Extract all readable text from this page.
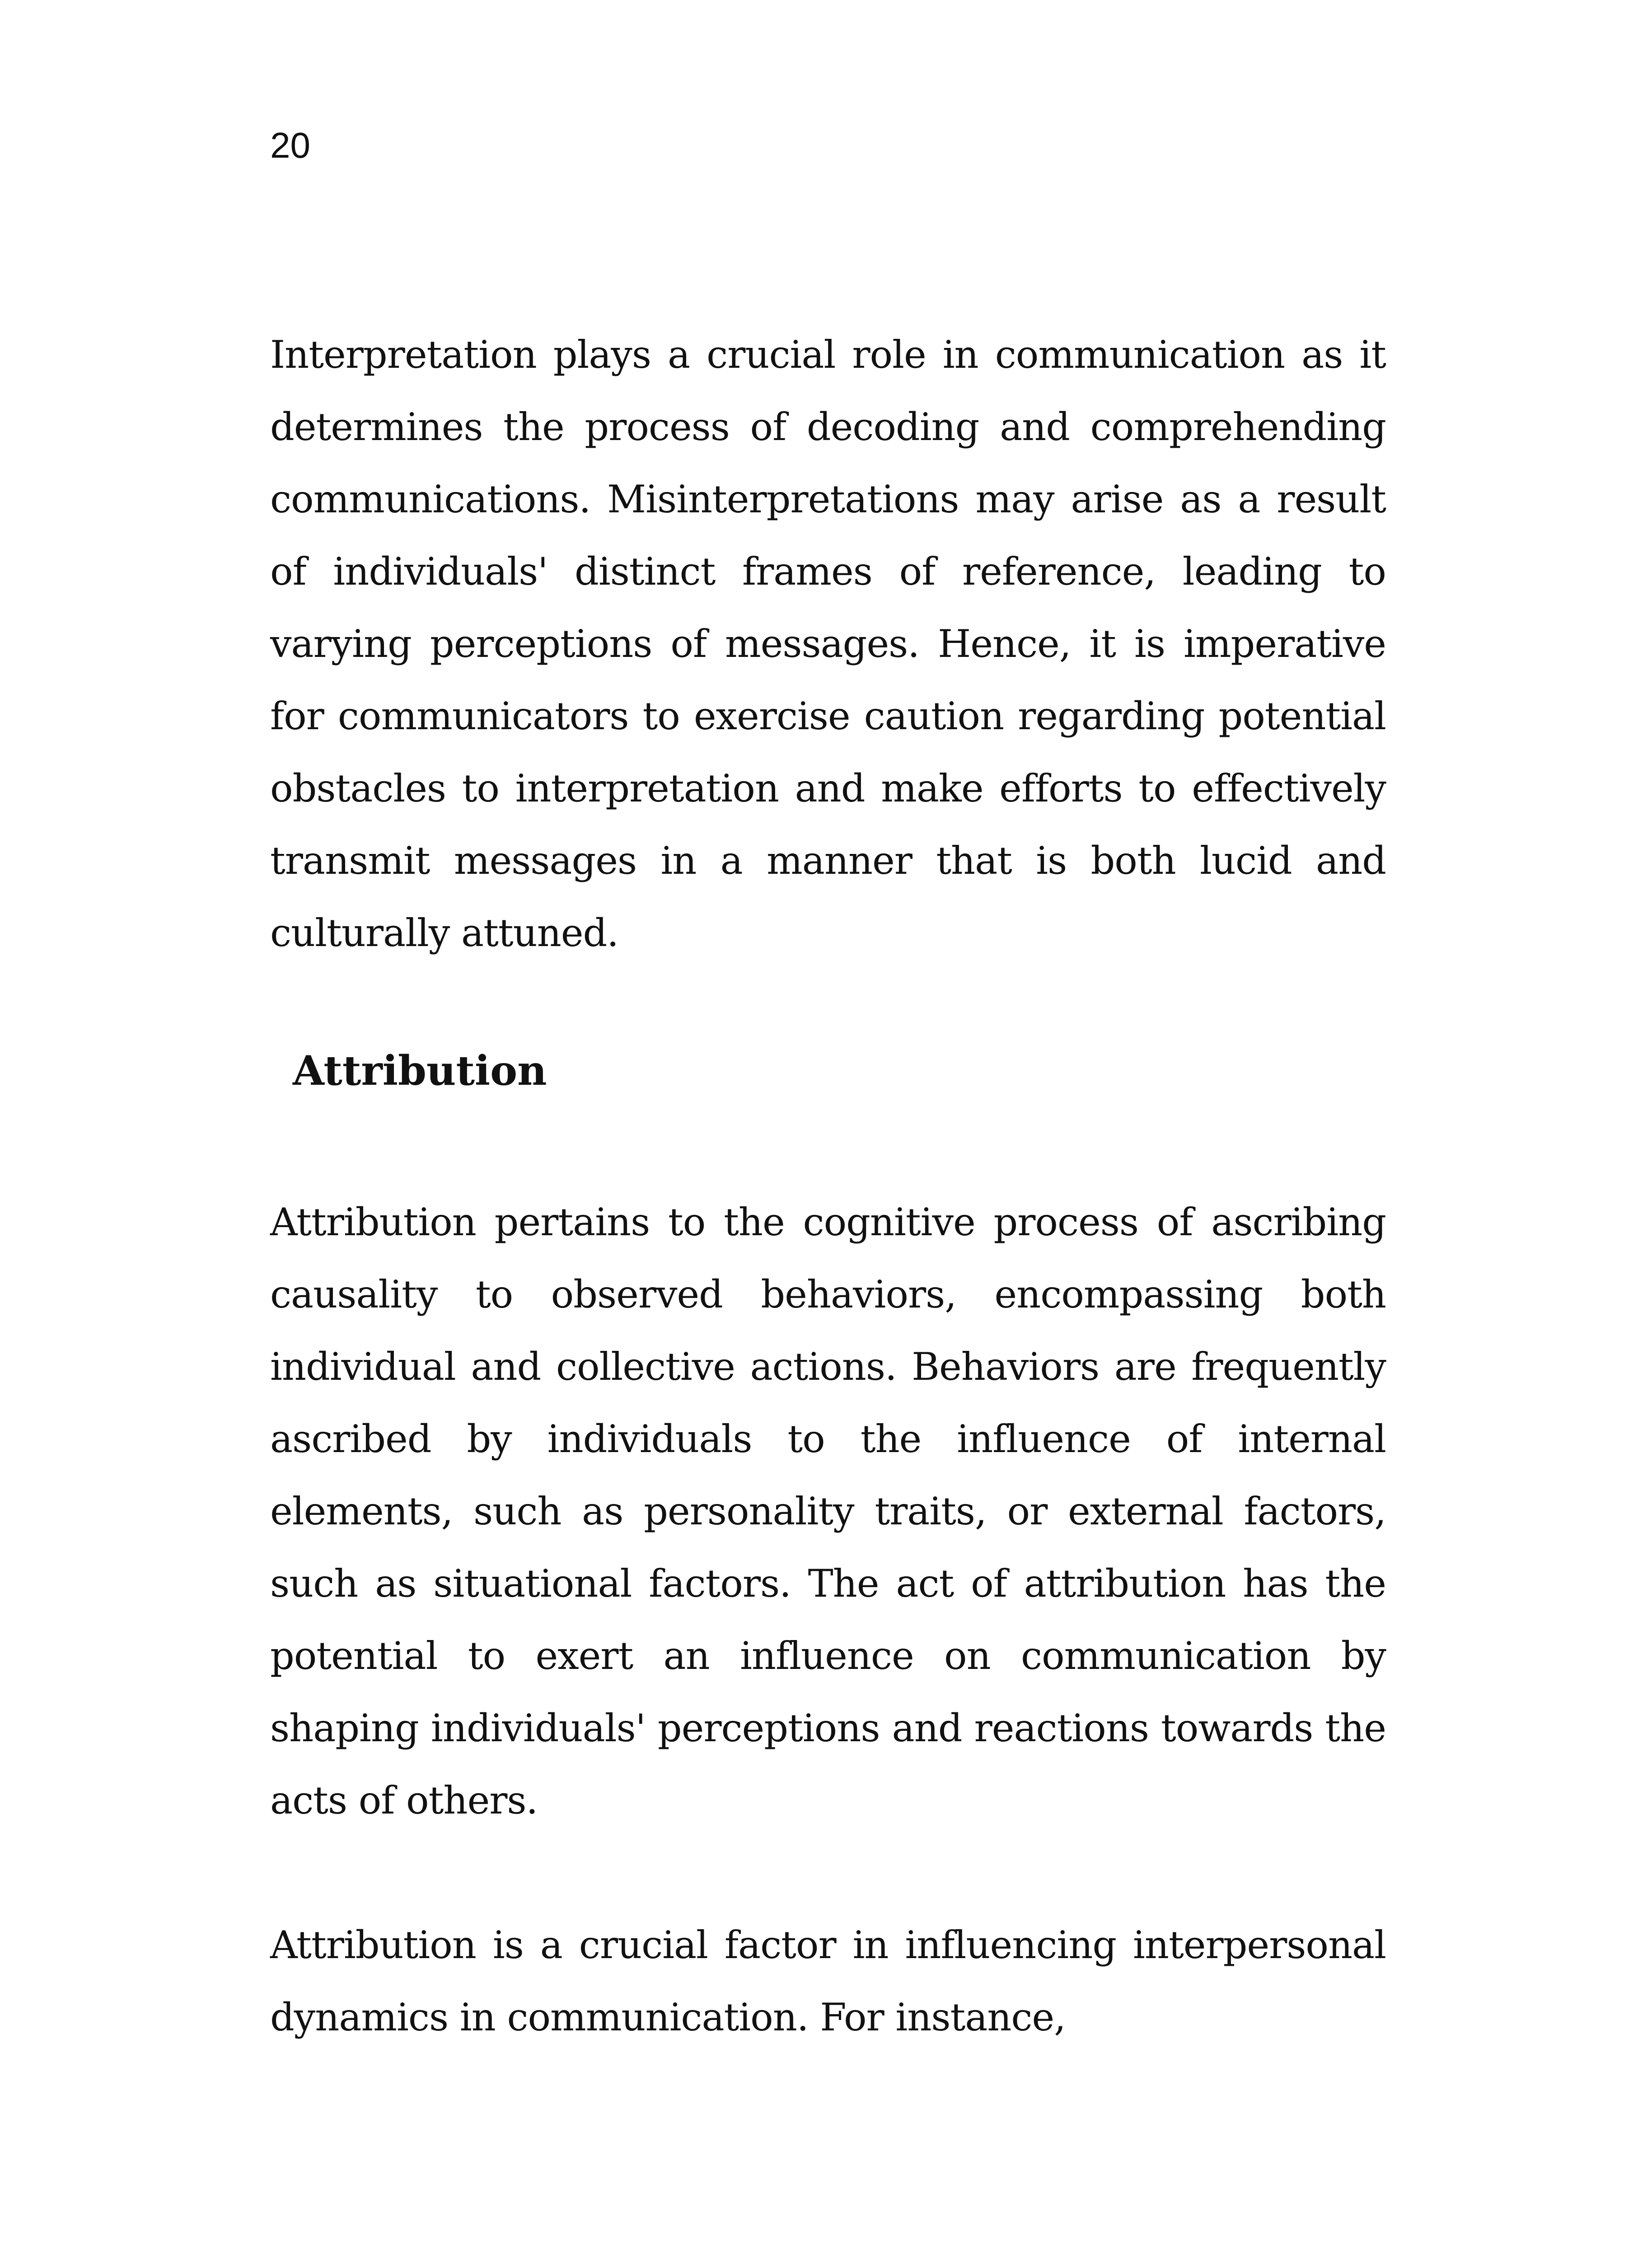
20

Interpretation plays a crucial role in communication as it determines the process of decoding and comprehending communications. Misinterpretations may arise as a result of individuals' distinct frames of reference, leading to varying perceptions of messages. Hence, it is imperative for communicators to exercise caution regarding potential obstacles to interpretation and make efforts to effectively transmit messages in a manner that is both lucid and culturally attuned.

Attribution

Attribution pertains to the cognitive process of ascribing causality to observed behaviors, encompassing both individual and collective actions. Behaviors are frequently ascribed by individuals to the influence of internal elements, such as personality traits, or external factors, such as situational factors. The act of attribution has the potential to exert an influence on communication by shaping individuals' perceptions and reactions towards the acts of others.

Attribution is a crucial factor in influencing interpersonal dynamics in communication. For instance,
